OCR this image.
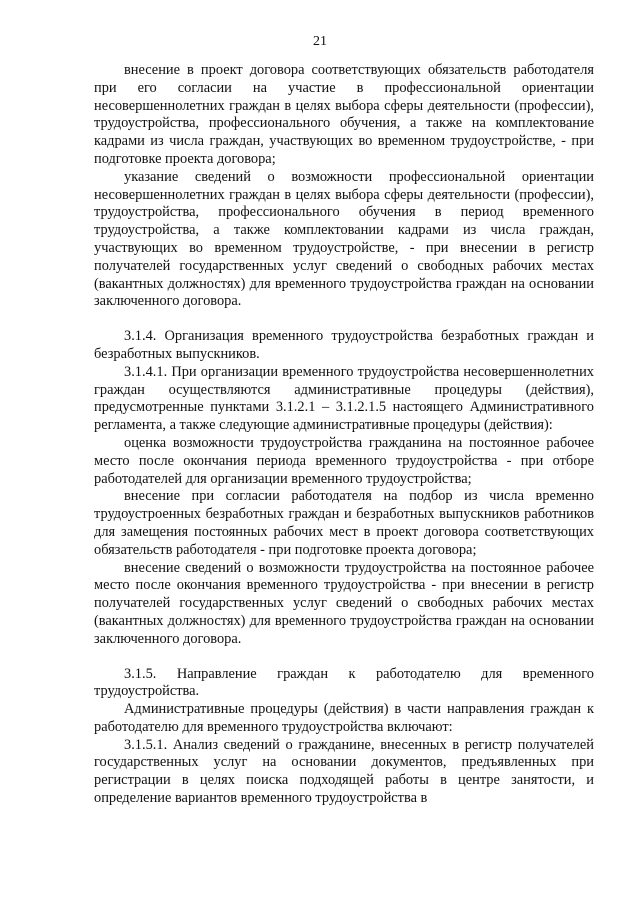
21

внесение в проект договора соответствующих обязательств работодателя при его согласии на участие в профессиональной ориентации несовершеннолетних граждан в целях выбора сферы деятельности (профессии), трудоустройства, профессионального обучения, а также на комплектование кадрами из числа граждан, участвующих во временном трудоустройстве, - при подготовке проекта договора;

указание сведений о возможности профессиональной ориентации несовершеннолетних граждан в целях выбора сферы деятельности (профессии), трудоустройства, профессионального обучения в период временного трудоустройства, а также комплектовании кадрами из числа граждан, участвующих во временном трудоустройстве, - при внесении в регистр получателей государственных услуг сведений о свободных рабочих местах (вакантных должностях) для временного трудоустройства граждан на основании заключенного договора.

3.1.4. Организация временного трудоустройства безработных граждан и безработных выпускников.

3.1.4.1. При организации временного трудоустройства несовершеннолетних граждан осуществляются административные процедуры (действия), предусмотренные пунктами 3.1.2.1 – 3.1.2.1.5 настоящего Административного регламента, а также следующие административные процедуры (действия):

оценка возможности трудоустройства гражданина на постоянное рабочее место после окончания периода временного трудоустройства - при отборе работодателей для организации временного трудоустройства;

внесение при согласии работодателя на подбор из числа временно трудоустроенных безработных граждан и безработных выпускников работников для замещения постоянных рабочих мест в проект договора соответствующих обязательств работодателя - при подготовке проекта договора;

внесение сведений о возможности трудоустройства на постоянное рабочее место после окончания временного трудоустройства - при внесении в регистр получателей государственных услуг сведений о свободных рабочих местах (вакантных должностях) для временного трудоустройства граждан на основании заключенного договора.

3.1.5. Направление граждан к работодателю для временного трудоустройства.

Административные процедуры (действия) в части направления граждан к работодателю для временного трудоустройства включают:

3.1.5.1. Анализ сведений о гражданине, внесенных в регистр получателей государственных услуг на основании документов, предъявленных при регистрации в целях поиска подходящей работы в центре занятости, и определение вариантов временного трудоустройства в
